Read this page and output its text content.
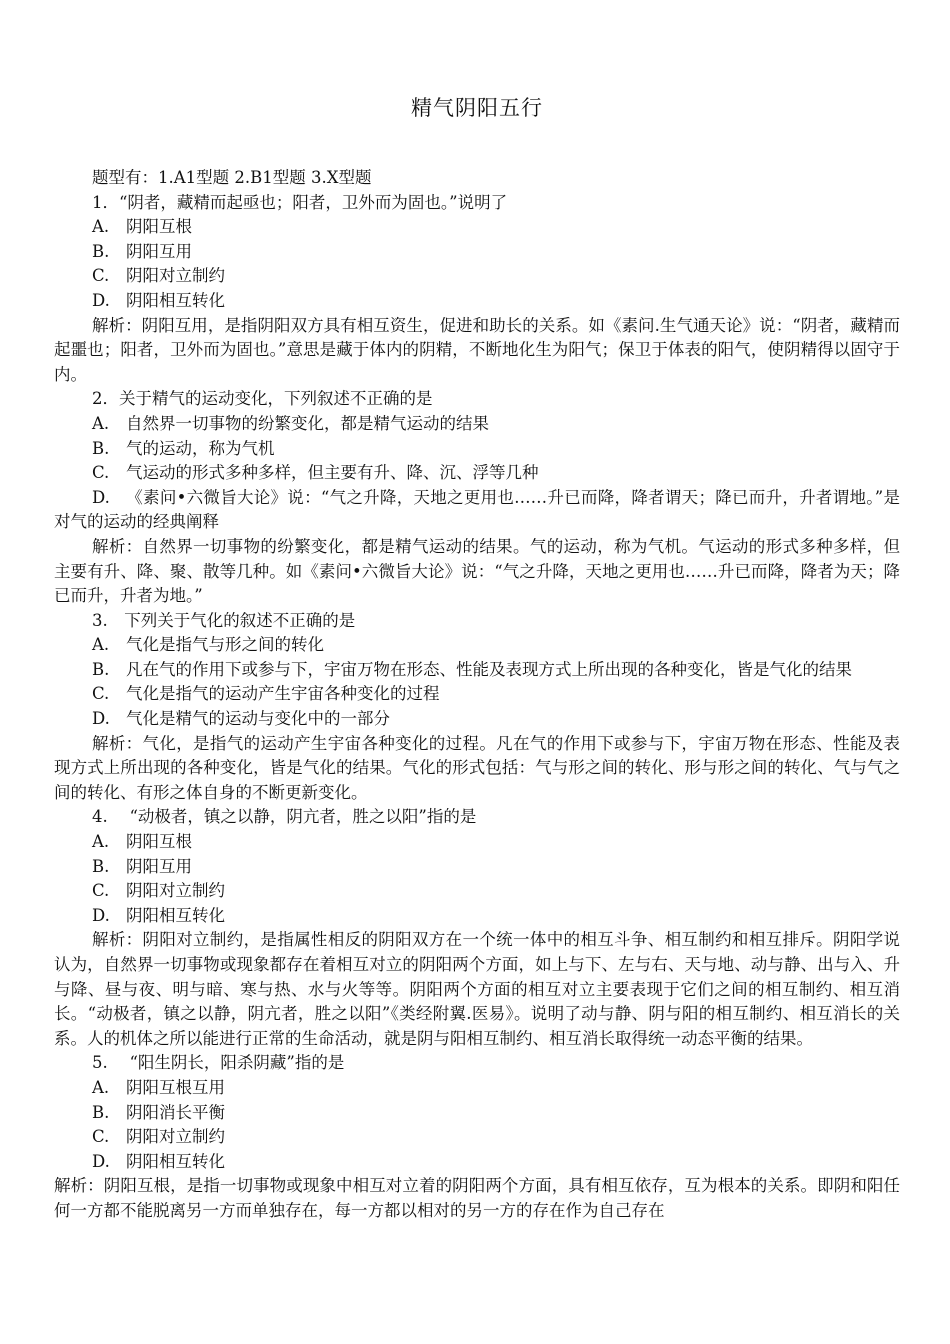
精气阴阳五行
题型有：1.A1型题 2.B1型题 3.X型题
1．“阴者，藏精而起亟也；阳者，卫外而为固也。”说明了
A. 阴阳互根
B. 阴阳互用
C. 阴阳对立制约
D. 阴阳相互转化
解析：阴阳互用，是指阴阳双方具有相互资生，促进和助长的关系。如《素问.生气通天论》说：“阴者，藏精而起噩也；阳者，卫外而为固也。”意思是藏于体内的阴精，不断地化生为阳气；保卫于体表的阳气，使阴精得以固守于内。
2．关于精气的运动变化，下列叙述不正确的是
A. 自然界一切事物的纷繁变化，都是精气运动的结果
B. 气的运动，称为气机
C. 气运动的形式多种多样，但主要有升、降、沉、浮等几种
D. 《素问•六微旨大论》说：“气之升降，天地之更用也……升已而降，降者谓天；降已而升，升者谓地。”是对气的运动的经典阐释
解析：自然界一切事物的纷繁变化，都是精气运动的结果。气的运动，称为气机。气运动的形式多种多样，但主要有升、降、聚、散等几种。如《素问•六微旨大论》说：“气之升降，天地之更用也……升已而降，降者为天；降已而升，升者为地。”
3.　下列关于气化的叙述不正确的是
A. 气化是指气与形之间的转化
B. 凡在气的作用下或参与下，宇宙万物在形态、性能及表现方式上所出现的各种变化，皆是气化的结果
C. 气化是指气的运动产生宇宙各种变化的过程
D. 气化是精气的运动与变化中的一部分
解析：气化，是指气的运动产生宇宙各种变化的过程。凡在气的作用下或参与下，宇宙万物在形态、性能及表现方式上所出现的各种变化，皆是气化的结果。气化的形式包括：气与形之间的转化、形与形之间的转化、气与气之间的转化、有形之体自身的不断更新变化。
4.　 “动极者，镇之以静，阴亢者，胜之以阳”指的是
A. 阴阳互根
B. 阴阳互用
C. 阴阳对立制约
D. 阴阳相互转化
解析：阴阳对立制约，是指属性相反的阴阳双方在一个统一体中的相互斗争、相互制约和相互排斥。阴阳学说认为，自然界一切事物或现象都存在着相互对立的阴阳两个方面，如上与下、左与右、天与地、动与静、出与入、升与降、昼与夜、明与暗、寒与热、水与火等等。阴阳两个方面的相互对立主要表现于它们之间的相互制约、相互消长。“动极者，镇之以静，阴亢者，胜之以阳”《类经附翼.医易》。说明了动与静、阴与阳的相互制约、相互消长的关系。人的机体之所以能进行正常的生命活动，就是阴与阳相互制约、相互消长取得统一动态平衡的结果。
5.　 “阳生阴长，阳杀阴藏”指的是
A. 阴阳互根互用
B. 阴阳消长平衡
C. 阴阳对立制约
D. 阴阳相互转化
解析：阴阳互根，是指一切事物或现象中相互对立着的阴阳两个方面，具有相互依存，互为根本的关系。即阴和阳任何一方都不能脱离另一方而单独存在，每一方都以相对的另一方的存在作为自己存在
